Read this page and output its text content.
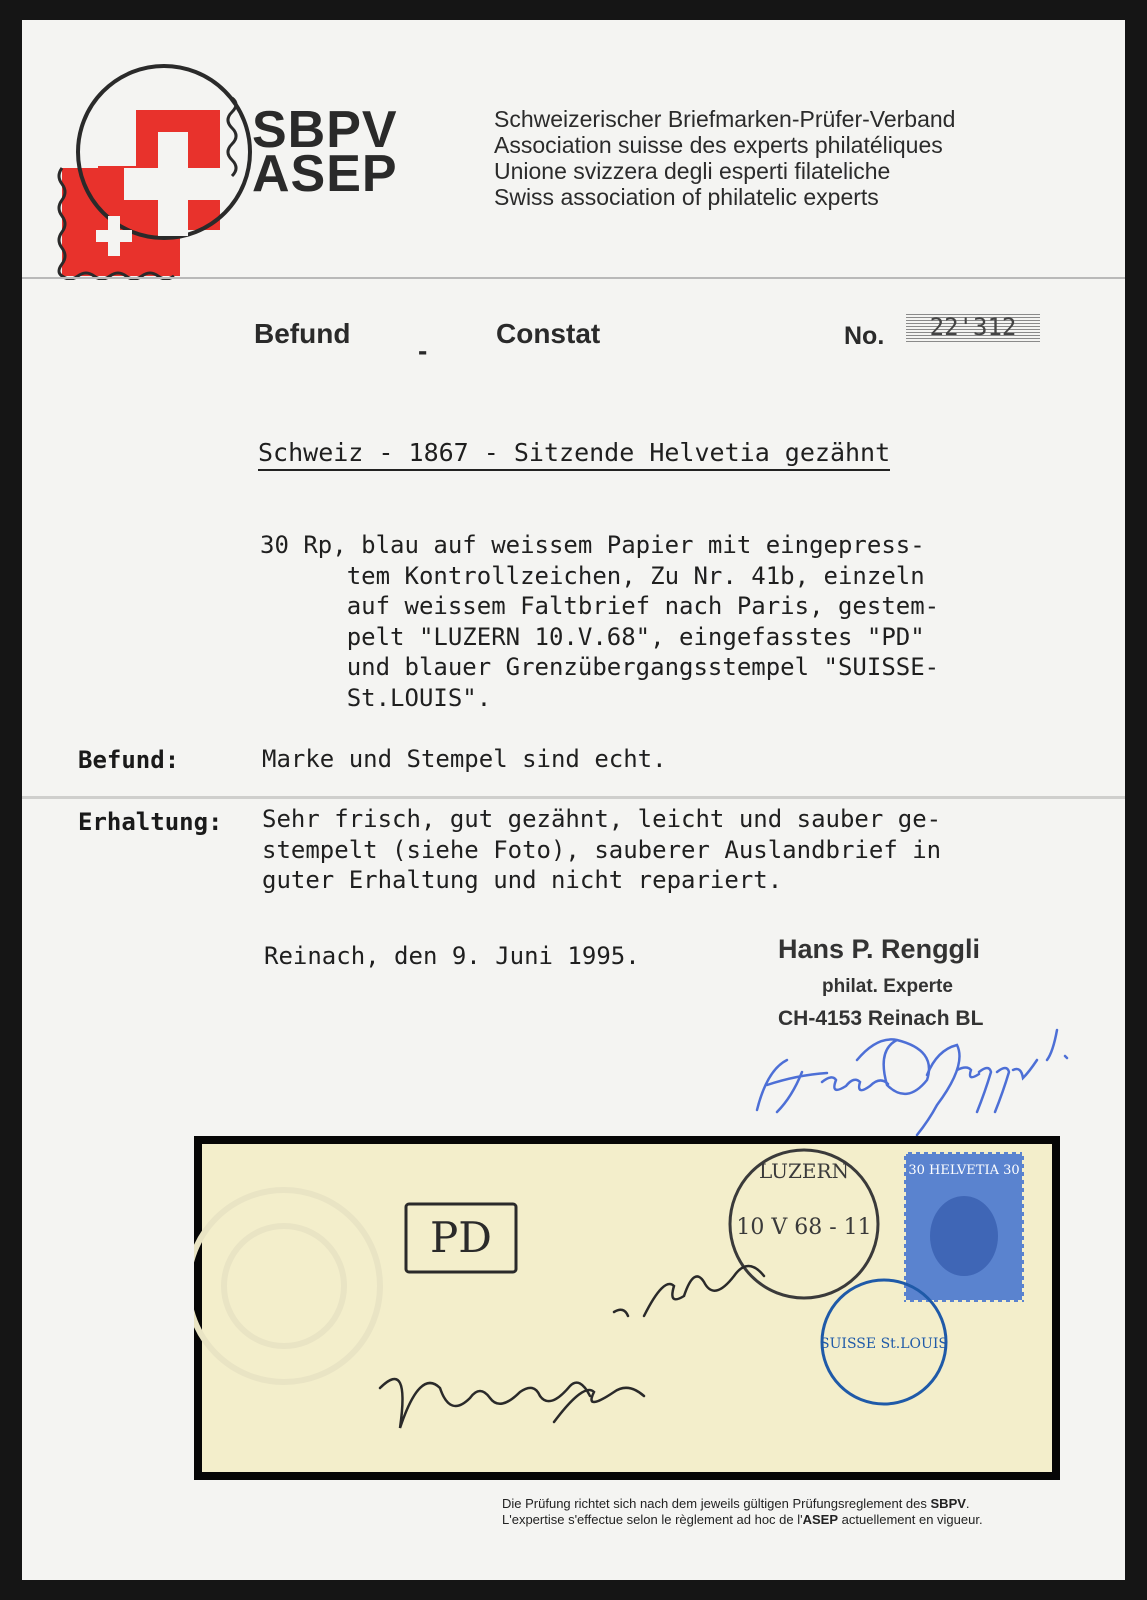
SBPV
ASEP
Schweizerischer Briefmarken-Prüfer-Verband
Association suisse des experts philatéliques
Unione svizzera degli esperti filateliche
Swiss association of philatelic experts
Befund
-
Constat	No.	22'312
Schweiz - 1867 - Sitzende Helvetia gezähnt
30 Rp, blau auf weissem Papier mit eingepress-
tem Kontrollzeichen, Zu Nr. 41b, einzeln
auf weissem Faltbrief nach Paris, gestem-
pelt "LUZERN 10.V.68", eingefasstes "PD"
und blauer Grenzübergangsstempel "SUISSE-
St.LOUIS".
Befund:	Marke und Stempel sind echt.
Erhaltung: Sehr frisch, gut gezähnt, leicht und sauber ge-
stempelt (siehe Foto), sauberer Auslandbrief in
guter Erhaltung und nicht repariert.
Reinach, den 9. Juni 1995.	Hans P. Renggli
philat. Experte
CH-4153 Reinach BL
PD
LUZERN
10 V 68 - 11
30 HELVETIA 30
SUISSE St.LOUIS
Die Prüfung richtet sich nach dem jeweils gültigen Prüfungsreglement des SBPV.
L'expertise s'effectue selon le règlement ad hoc de l'ASEP actuellement en vigueur.
